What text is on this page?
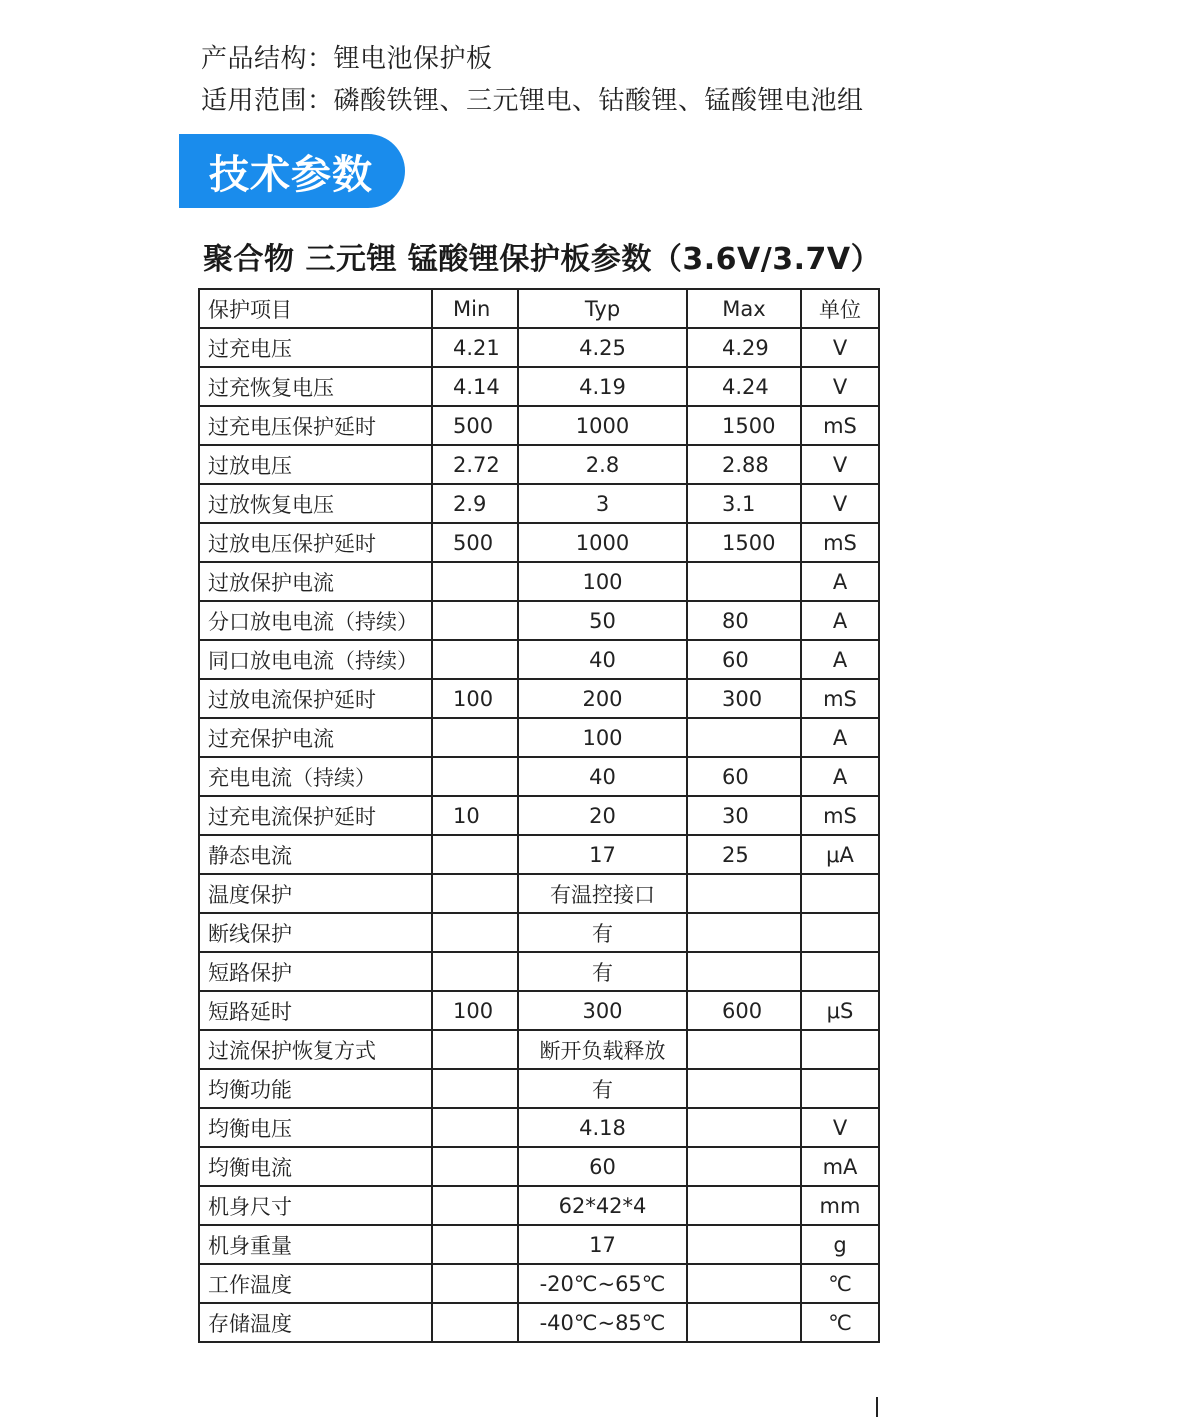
产品结构：锂电池保护板
适用范围：磷酸铁锂、三元锂电、钴酸锂、锰酸锂电池组
技术参数
聚合物 三元锂 锰酸锂保护板参数（3.6V/3.7V）
保护项目	Min	Typ	Max	单位
过充电压	4.21	4.25	4.29	V
过充恢复电压	4.14	4.19	4.24	V
过充电压保护延时	500	1000	1500	mS
过放电压	2.72	2.8	2.88	V
过放恢复电压	2.9	3	3.1	V
过放电压保护延时	500	1000	1500	mS
过放保护电流		100		A
分口放电电流（持续）		50	80	A
同口放电电流（持续）		40	60	A
过放电流保护延时	100	200	300	mS
过充保护电流		100		A
充电电流（持续）		40	60	A
过充电流保护延时	10	20	30	mS
静态电流		17	25	μA
温度保护		有温控接口		
断线保护		有		
短路保护		有		
短路延时	100	300	600	μS
过流保护恢复方式		断开负载释放		
均衡功能		有		
均衡电压		4.18		V
均衡电流		60		mA
机身尺寸		62*42*4		mm
机身重量		17		g
工作温度		-20℃~65℃		℃
存储温度		-40℃~85℃		℃
